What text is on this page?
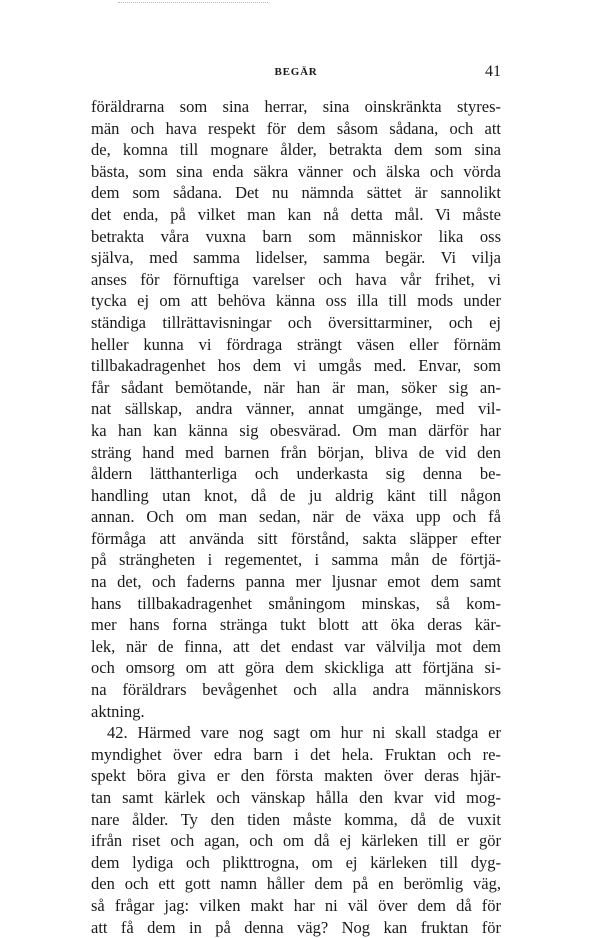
BEGÄR	41
föräldrarna som sina herrar, sina oinskränkta styres-
män och hava respekt för dem såsom sådana, och att
de, komna till mognare ålder, betrakta dem som sina
bästa, som sina enda säkra vänner och älska och vörda
dem som sådana. Det nu nämnda sättet är sannolikt
det enda, på vilket man kan nå detta mål. Vi måste
betrakta våra vuxna barn som människor lika oss
själva, med samma lidelser, samma begär. Vi vilja
anses för förnuftiga varelser och hava vår frihet, vi
tycka ej om att behöva känna oss illa till mods under
ständiga tillrättavisningar och översittarminer, och ej
heller kunna vi fördraga strängt väsen eller förnäm
tillbakadragenhet hos dem vi umgås med. Envar, som
får sådant bemötande, när han är man, söker sig an-
nat sällskap, andra vänner, annat umgänge, med vil-
ka han kan känna sig obesvärad. Om man därför har
sträng hand med barnen från början, bliva de vid den
åldern lätthanterliga och underkasta sig denna be-
handling utan knot, då de ju aldrig känt till någon
annan. Och om man sedan, när de växa upp och få
förmåga att använda sitt förstånd, sakta släpper efter
på strängheten i regementet, i samma mån de förtjä-
na det, och faderns panna mer ljusnar emot dem samt
hans tillbakadragenhet småningom minskas, så kom-
mer hans forna stränga tukt blott att öka deras kär-
lek, när de finna, att det endast var välvilja mot dem
och omsorg om att göra dem skickliga att förtjäna si-
na föräldrars bevågenhet och alla andra människors
aktning.
42. Härmed vare nog sagt om hur ni skall stadga er
myndighet över edra barn i det hela. Fruktan och re-
spekt böra giva er den första makten över deras hjär-
tan samt kärlek och vänskap hålla den kvar vid mog-
nare ålder. Ty den tiden måste komma, då de vuxit
ifrån riset och agan, och om då ej kärleken till er gör
dem lydiga och plikttrogna, om ej kärleken till dyg-
den och ett gott namn håller dem på en berömlig väg,
så frågar jag: vilken makt har ni väl över dem då för
att få dem in på denna väg? Nog kan fruktan för
